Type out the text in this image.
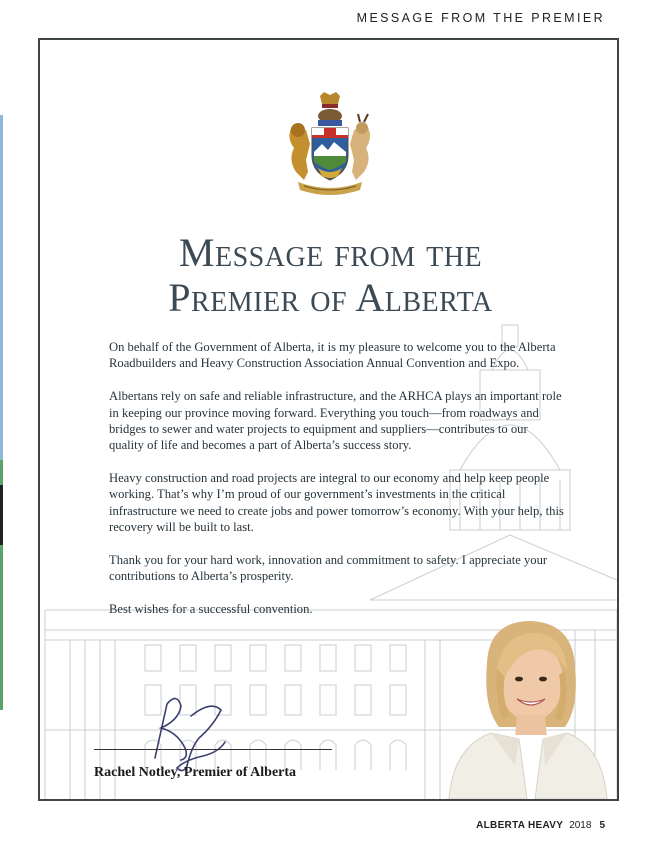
MESSAGE FROM THE PREMIER
Message from the
Premier of Alberta

On behalf of the Government of Alberta, it is my pleasure to welcome you to the Alberta Roadbuilders and Heavy Construction Association Annual Convention and Expo.

Albertans rely on safe and reliable infrastructure, and the ARHCA plays an important role in keeping our province moving forward. Everything you touch—from roadways and bridges to sewer and water projects to equipment and suppliers—contributes to our quality of life and becomes a part of Alberta’s success story.

Heavy construction and road projects are integral to our economy and help keep people working. That’s why I’m proud of our government’s investments in the critical infrastructure we need to create jobs and power tomorrow’s economy. With your help, this recovery will be built to last.

Thank you for your hard work, innovation and commitment to safety. I appreciate your contributions to Alberta’s prosperity.

Best wishes for a successful convention.

Rachel Notley, Premier of Alberta
ALBERTA HEAVY 2018 5
